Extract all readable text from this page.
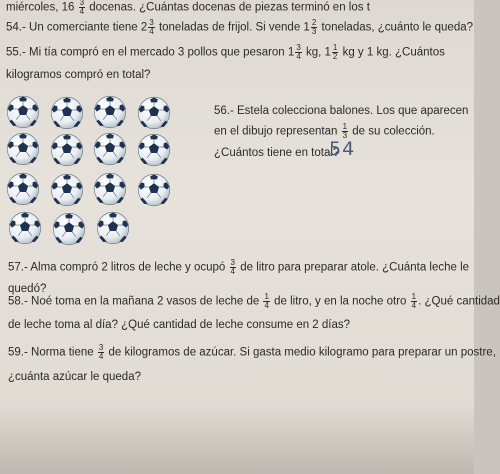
miércoles, $16 \frac{3}{4}$ docenas. ¿Cuántas docenas de piezas terminó en los t
54.- Un comerciante tiene $2 \frac{3}{4}$ toneladas de frijol. Si vende $1 \frac{2}{3}$ toneladas, ¿cuánto le queda?
55.- Mi tía compró en el mercado 3 pollos que pesaron $1 \frac{3}{4}$ kg, $1 \frac{1}{2}$ kg y 1 kg. ¿Cuántos
kilogramos compró en total?
56.- Estela colecciona balones. Los que aparecen
en el dibujo representan $\frac{1}{3}$ de su colección.
¿Cuántos tiene en total?
54
57.- Alma compró 2 litros de leche y ocupó $\frac{3}{4}$ de litro para preparar atole. ¿Cuánta leche le
quedó?
58.- Noé toma en la mañana 2 vasos de leche de $\frac{1}{4}$ de litro, y en la noche otro $\frac{1}{4}$ . ¿Qué cantidad
de leche toma al día? ¿Qué cantidad de leche consume en 2 días?
59.- Norma tiene $\frac{3}{4}$ de kilogramos de azúcar. Si gasta medio kilogramo para preparar un postre,
¿cuánta azúcar le queda?
